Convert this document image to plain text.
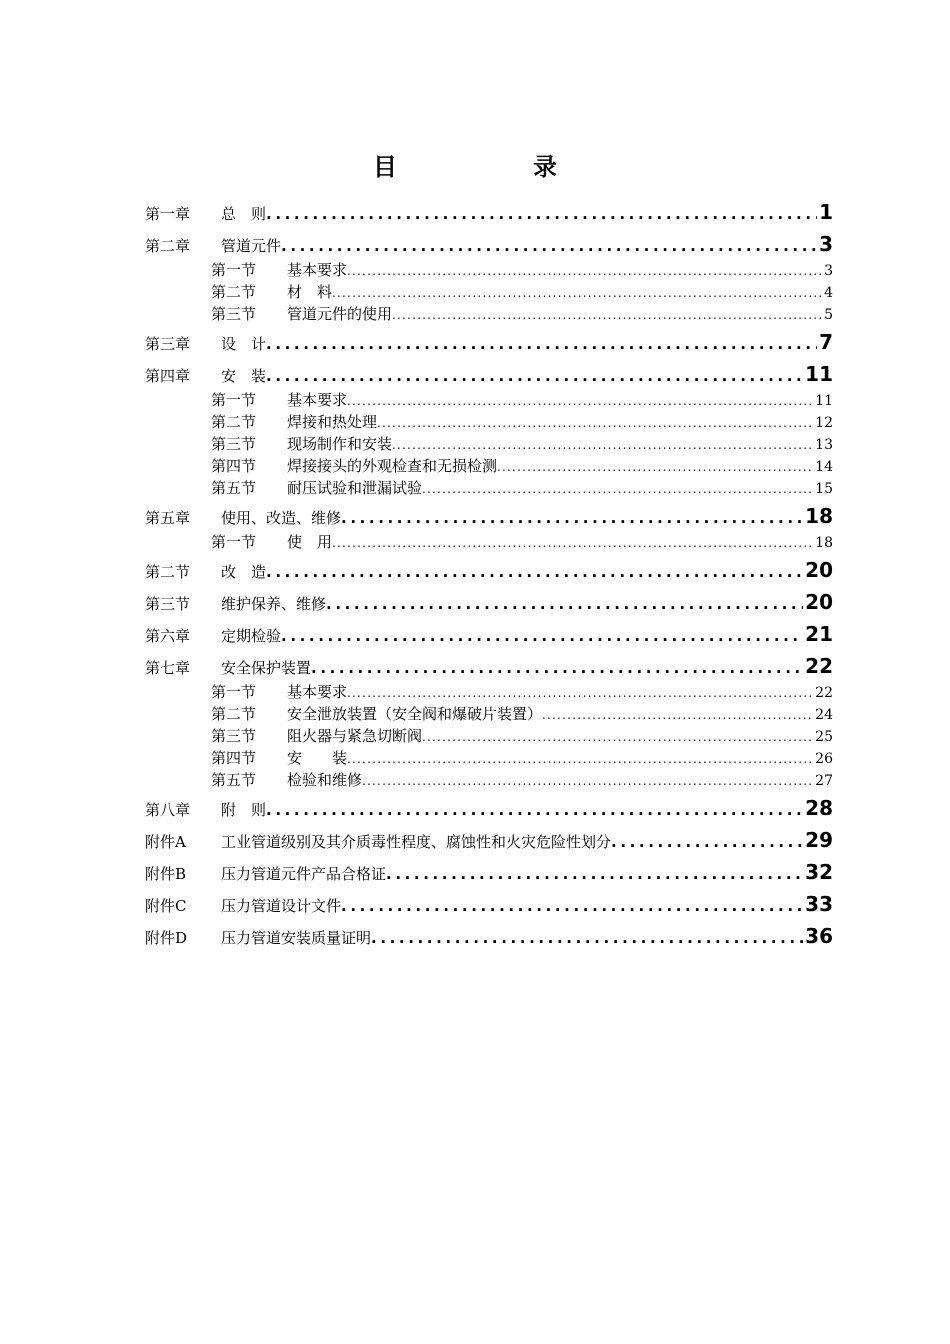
目　录
第一章	总　则 .....	1
第二章	管道元件 .....	3
第一节	基本要求 .....	3
第二节	材　料 .....	4
第三节	管道元件的使用 .....	5
第三章	设　计 .....	7
第四章	安　装 .....	11
第一节	基本要求 .....	11
第二节	焊接和热处理 .....	12
第三节	现场制作和安装 .....	13
第四节	焊接接头的外观检查和无损检测 .....	14
第五节	耐压试验和泄漏试验 .....	15
第五章	使用、改造、维修 .....	18
第一节	使　用 .....	18
第二节	改　造 .....	20
第三节	维护保养、维修 .....	20
第六章	定期检验 .....	21
第七章	安全保护装置 .....	22
第一节	基本要求 .....	22
第二节	安全泄放装置（安全阀和爆破片装置） .....	24
第三节	阻火器与紧急切断阀 .....	25
第四节	安　　装 .....	26
第五节	检验和维修 .....	27
第八章	附　则 .....	28
附件A	工业管道级别及其介质毒性程度、腐蚀性和火灾危险性划分 .....	29
附件B	压力管道元件产品合格证 .....	32
附件C	压力管道设计文件 .....	33
附件D	压力管道安装质量证明 .....	36
